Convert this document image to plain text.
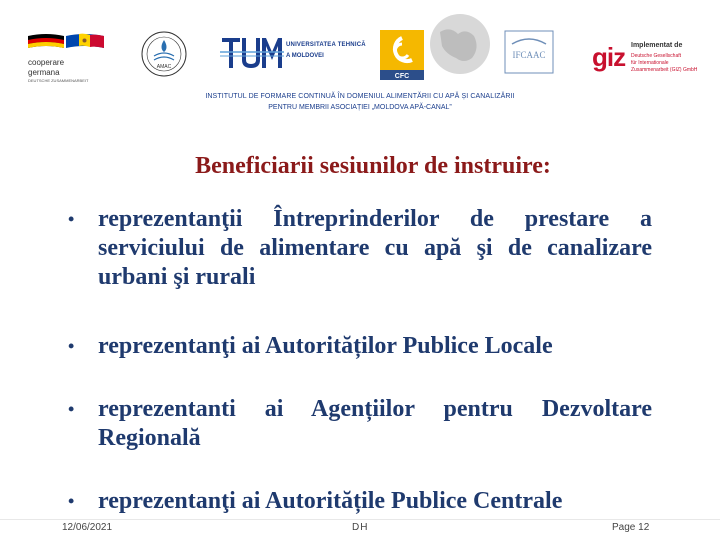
cooperare
germana
DEUTSCHE ZUSAMMENARBEIT
AMAC
UNIVERSITATEA TEHNICĂ
A MOLDOVEI
CFC
IFCAAC giz Implementat de
Deutsche Gesellschaft
für Internationale
Zusammenarbeit (GIZ) GmbH
INSTITUTUL DE FORMARE CONTINUĂ ÎN DOMENIUL ALIMENTĂRII CU APĂ ȘI CANALIZĂRII
PENTRU MEMBRII ASOCIAȚIEI „MOLDOVA APĂ-CANAL”
Beneficiarii sesiunilor de instruire:
• reprezentanţii Întreprinderilor de prestare a serviciului de alimentare cu apă şi de canalizare urbani şi rurali
• reprezentanţi ai Autorităților Publice Locale
• reprezentanti ai Agențiilor pentru Dezvoltare Regională
• reprezentanţi ai Autoritățile Publice Centrale
12/06/2021	DH	Page 12
